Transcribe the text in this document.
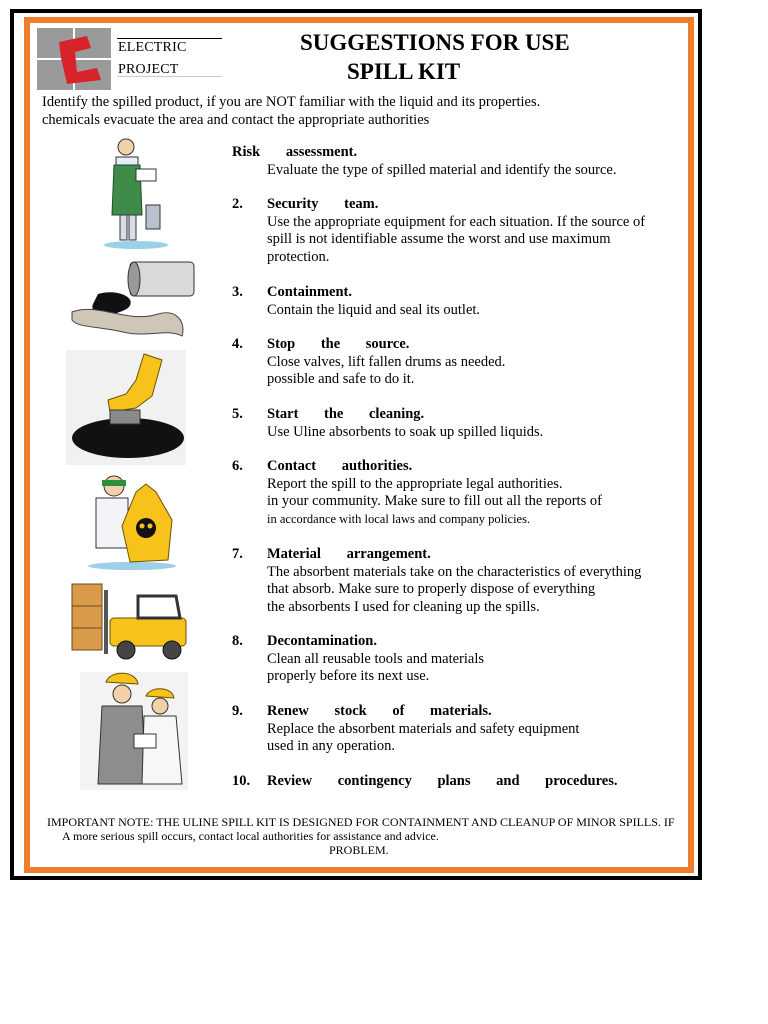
ELECTRIC
PROJECT
SUGGESTIONS FOR USE
SPILL KIT
Identify the spilled product, if you are NOT familiar with the liquid and its properties.
chemicals evacuate the area and contact the appropriate authorities
Risk assessment.
Evaluate the type of spilled material and identify the source.
2. Security team.
Use the appropriate equipment for each situation. If the source of
spill is not identifiable assume the worst and use maximum
protection.
3. Containment.
Contain the liquid and seal its outlet.
4. Stop the source.
Close valves, lift fallen drums as needed.
possible and safe to do it.
5. Start the cleaning.
Use Uline absorbents to soak up spilled liquids.
6. Contact authorities.
Report the spill to the appropriate legal authorities.
in your community. Make sure to fill out all the reports of
in accordance with local laws and company policies.
7. Material arrangement.
The absorbent materials take on the characteristics of everything
that absorb. Make sure to properly dispose of everything
the absorbents I used for cleaning up the spills.
8. Decontamination.
Clean all reusable tools and materials
properly before its next use.
9. Renew stock of materials.
Replace the absorbent materials and safety equipment
used in any operation.
10. Review contingency plans and procedures.
IMPORTANT NOTE: THE ULINE SPILL KIT IS DESIGNED FOR CONTAINMENT AND CLEANUP OF MINOR SPILLS. IF
A more serious spill occurs, contact local authorities for assistance and advice.
PROBLEM.
